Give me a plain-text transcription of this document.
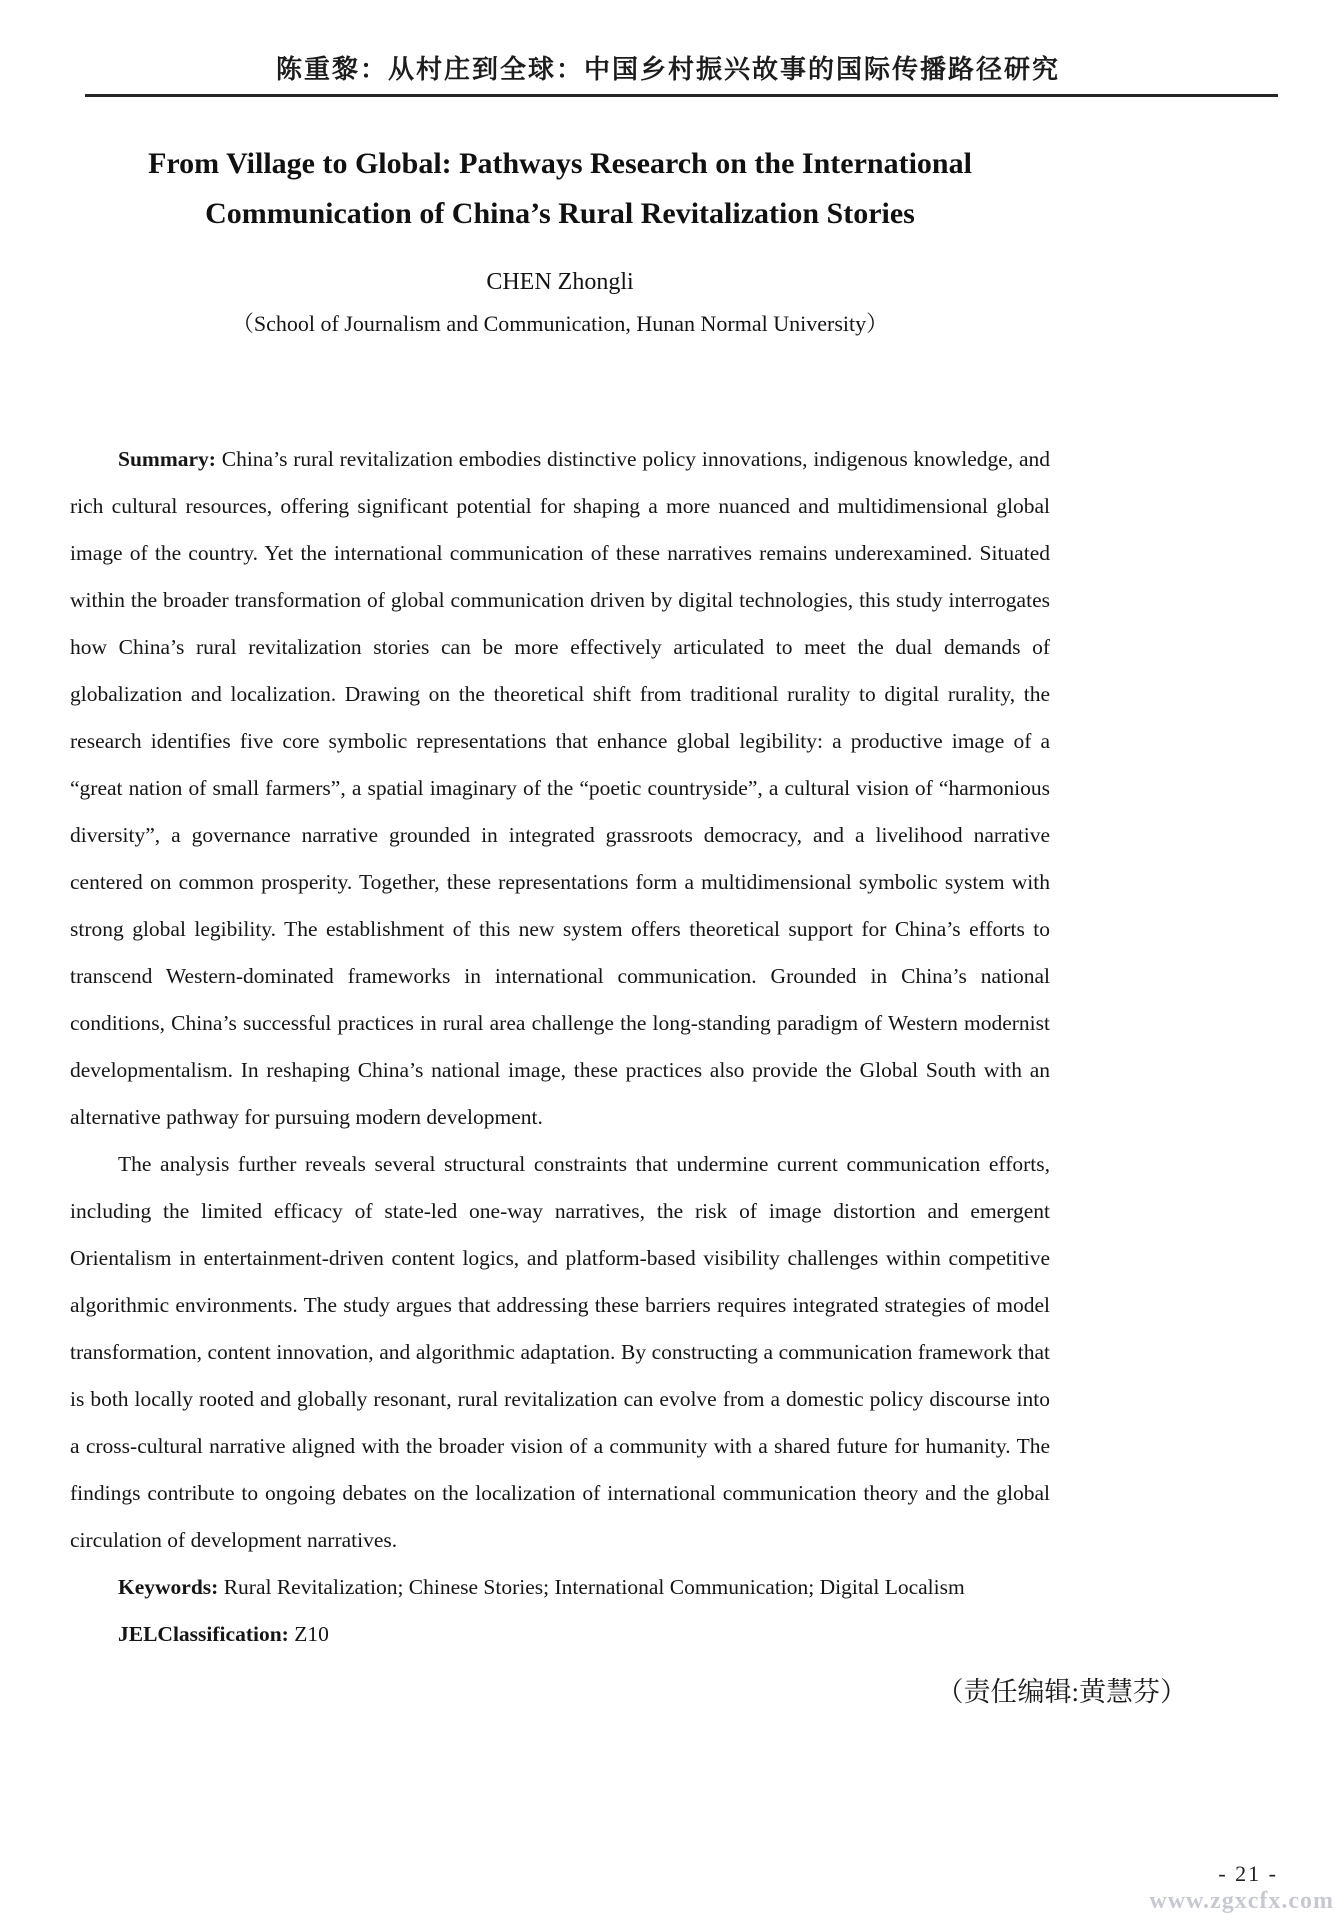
陈重黎：从村庄到全球：中国乡村振兴故事的国际传播路径研究
From Village to Global: Pathways Research on the International
Communication of China’s Rural Revitalization Stories
CHEN Zhongli
（School of Journalism and Communication, Hunan Normal University）

Summary: China’s rural revitalization embodies distinctive policy innovations, indigenous knowledge, and rich cultural resources, offering significant potential for shaping a more nuanced and multidimensional global image of the country. Yet the international communication of these narratives remains underexamined. Situated within the broader transformation of global communication driven by digital technologies, this study interrogates how China’s rural revitalization stories can be more effectively articulated to meet the dual demands of globalization and localization. Drawing on the theoretical shift from traditional rurality to digital rurality, the research identifies five core symbolic representations that enhance global legibility: a productive image of a “great nation of small farmers”, a spatial imaginary of the “poetic countryside”, a cultural vision of “harmonious diversity”, a governance narrative grounded in integrated grassroots democracy, and a livelihood narrative centered on common prosperity. Together, these representations form a multidimensional symbolic system with strong global legibility. The establishment of this new system offers theoretical support for China’s efforts to transcend Western-dominated frameworks in international communication. Grounded in China’s national conditions, China’s successful practices in rural area challenge the long-standing paradigm of Western modernist developmentalism. In reshaping China’s national image, these practices also provide the Global South with an alternative pathway for pursuing modern development.

The analysis further reveals several structural constraints that undermine current communication efforts, including the limited efficacy of state-led one-way narratives, the risk of image distortion and emergent Orientalism in entertainment-driven content logics, and platform-based visibility challenges within competitive algorithmic environments. The study argues that addressing these barriers requires integrated strategies of model transformation, content innovation, and algorithmic adaptation. By constructing a communication framework that is both locally rooted and globally resonant, rural revitalization can evolve from a domestic policy discourse into a cross-cultural narrative aligned with the broader vision of a community with a shared future for humanity. The findings contribute to ongoing debates on the localization of international communication theory and the global circulation of development narratives.

Keywords: Rural Revitalization; Chinese Stories; International Communication; Digital Localism

JELClassification: Z10

（责任编辑:黄慧芬）
- 21 -
www.zgxcfx.com
